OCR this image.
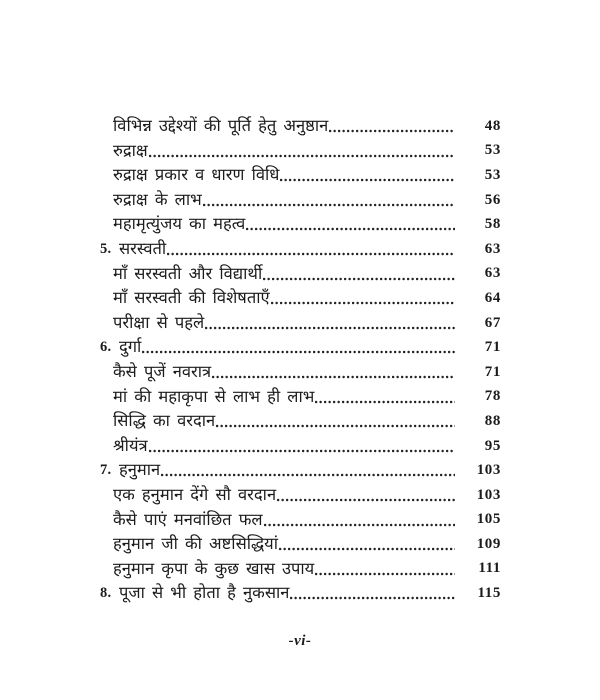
विभिन्न उद्देश्यों की पूर्ति हेतु अनुष्ठान	48
रुद्राक्ष	53
रुद्राक्ष प्रकार व धारण विधि	53
रुद्राक्ष के लाभ	56
महामृत्युंजय का महत्व	58
5. सरस्वती	63
माँ सरस्वती और विद्यार्थी	63
माँ सरस्वती की विशेषताएँ	64
परीक्षा से पहले	67
6. दुर्गा	71
कैसे पूजें नवरात्र	71
मां की महाकृपा से लाभ ही लाभ	78
सिद्धि का वरदान	88
श्रीयंत्र	95
7. हनुमान	103
एक हनुमान देंगे सौ वरदान	103
कैसे पाएं मनवांछित फल	105
हनुमान जी की अष्टसिद्धियां	109
हनुमान कृपा के कुछ खास उपाय	111
8. पूजा से भी होता है नुकसान	115
-vi-
